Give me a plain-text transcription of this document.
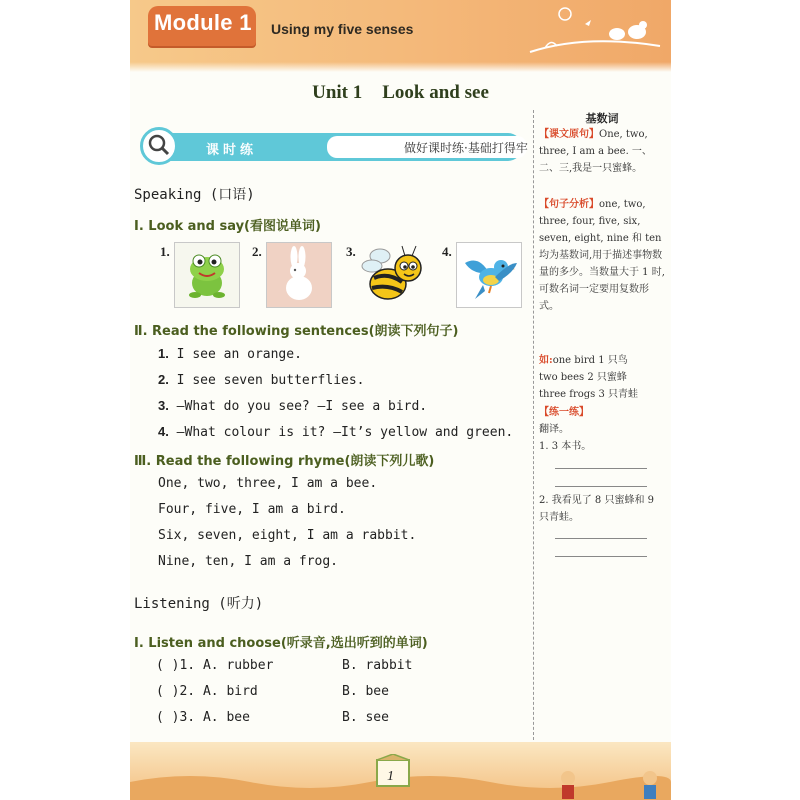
Module 1 Using my five senses
Unit 1 Look and see
课时练	做好课时练·基础打得牢
Speaking (口语)
Ⅰ. Look and say(看图说单词)
1.	2.	3.	4.
Ⅱ. Read the following sentences(朗读下列句子)
1. I see an orange.
2. I see seven butterflies.
3. —What do you see? —I see a bird.
4. —What colour is it? —It’s yellow and green.
Ⅲ. Read the following rhyme(朗读下列儿歌)
One, two, three, I am a bee.
Four, five, I am a bird.
Six, seven, eight, I am a rabbit.
Nine, ten, I am a frog.
Listening (听力)
Ⅰ. Listen and choose(听录音,选出听到的单词)
( )1. A. rubber	B. rabbit
( )2. A. bird	B. bee
( )3. A. bee	B. see
基数词
【课文原句】One, two, three, I am a bee. 一、二、三,我是一只蜜蜂。
【句子分析】one, two, three, four, five, six, seven, eight, nine 和 ten 均为基数词,用于描述事物数量的多少。当数量大于 1 时,可数名词一定要用复数形式。
如:one bird 1 只鸟
two bees 2 只蜜蜂
three frogs 3 只青蛙
【练一练】
翻译。
1. 3 本书。
2. 我看见了 8 只蜜蜂和 9 只青蛙。
1
